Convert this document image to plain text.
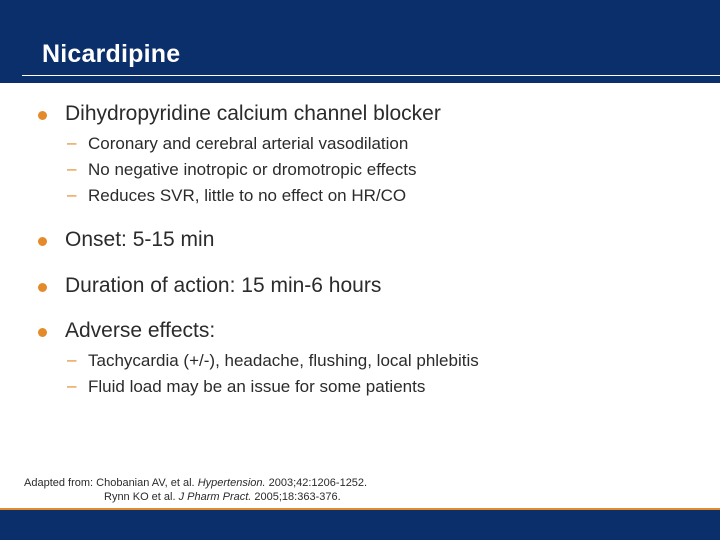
Nicardipine
Dihydropyridine calcium channel blocker
– Coronary and cerebral arterial vasodilation
– No negative inotropic or dromotropic effects
– Reduces SVR, little to no effect on HR/CO
Onset: 5-15 min
Duration of action: 15 min-6 hours
Adverse effects:
– Tachycardia (+/-), headache, flushing, local phlebitis
– Fluid load may be an issue for some patients
Adapted from: Chobanian AV, et al. Hypertension. 2003;42:1206-1252.
Rynn KO et al. J Pharm Pract. 2005;18:363-376.
